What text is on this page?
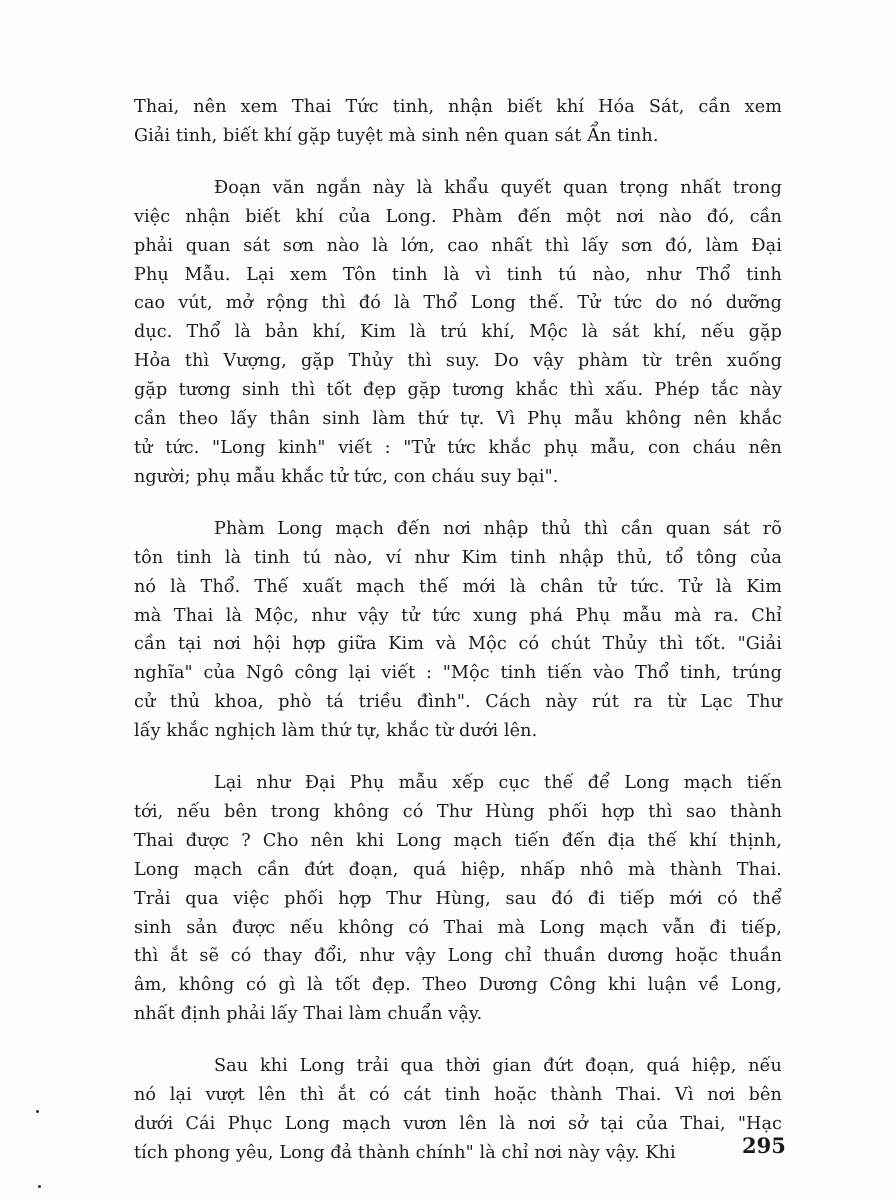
Thai, nên xem Thai Tức tinh, nhận biết khí Hóa Sát, cần xem
Giải tinh, biết khí gặp tuyệt mà sinh nên quan sát Ẩn tinh.
Đoạn văn ngắn này là khẩu quyết quan trọng nhất trong
việc nhận biết khí của Long. Phàm đến một nơi nào đó, cần
phải quan sát sơn nào là lớn, cao nhất thì lấy sơn đó, làm Đại
Phụ Mẫu. Lại xem Tôn tinh là vì tinh tú nào, như Thổ tinh
cao vút, mở rộng thì đó là Thổ Long thế. Tử tức do nó dưỡng
dục. Thổ là bản khí, Kim là trú khí, Mộc là sát khí, nếu gặp
Hỏa thì Vượng, gặp Thủy thì suy. Do vậy phàm từ trên xuống
gặp tương sinh thì tốt đẹp gặp tương khắc thì xấu. Phép tắc này
cần theo lấy thân sinh làm thứ tự. Vì Phụ mẫu không nên khắc
tử tức. "Long kinh" viết : "Tử tức khắc phụ mẫu, con cháu nên
người; phụ mẫu khắc tử tức, con cháu suy bại".
Phàm Long mạch đến nơi nhập thủ thì cần quan sát rõ
tôn tinh là tinh tú nào, ví như Kim tinh nhập thủ, tổ tông của
nó là Thổ. Thế xuất mạch thế mới là chân tử tức. Tử là Kim
mà Thai là Mộc, như vậy tử tức xung phá Phụ mẫu mà ra. Chỉ
cần tại nơi hội hợp giữa Kim và Mộc có chút Thủy thì tốt. "Giải
nghĩa" của Ngô công lại viết : "Mộc tinh tiến vào Thổ tinh, trúng
cử thủ khoa, phò tá triều đình". Cách này rút ra từ Lạc Thư
lấy khắc nghịch làm thứ tự, khắc từ dưới lên.
Lại như Đại Phụ mẫu xếp cục thế để Long mạch tiến
tới, nếu bên trong không có Thư Hùng phối hợp thì sao thành
Thai được ? Cho nên khi Long mạch tiến đến địa thế khí thịnh,
Long mạch cần đứt đoạn, quá hiệp, nhấp nhô mà thành Thai.
Trải qua việc phối hợp Thư Hùng, sau đó đi tiếp mới có thể
sinh sản được nếu không có Thai mà Long mạch vẫn đi tiếp,
thì ắt sẽ có thay đổi, như vậy Long chỉ thuần dương hoặc thuần
âm, không có gì là tốt đẹp. Theo Dương Công khi luận về Long,
nhất định phải lấy Thai làm chuẩn vậy.
Sau khi Long trải qua thời gian đứt đoạn, quá hiệp, nếu
nó lại vượt lên thì ắt có cát tinh hoặc thành Thai. Vì nơi bên
dưới Cái Phục Long mạch vươn lên là nơi sở tại của Thai, "Hạc
tích phong yêu, Long đả thành chính" là chỉ nơi này vậy. Khi	295
